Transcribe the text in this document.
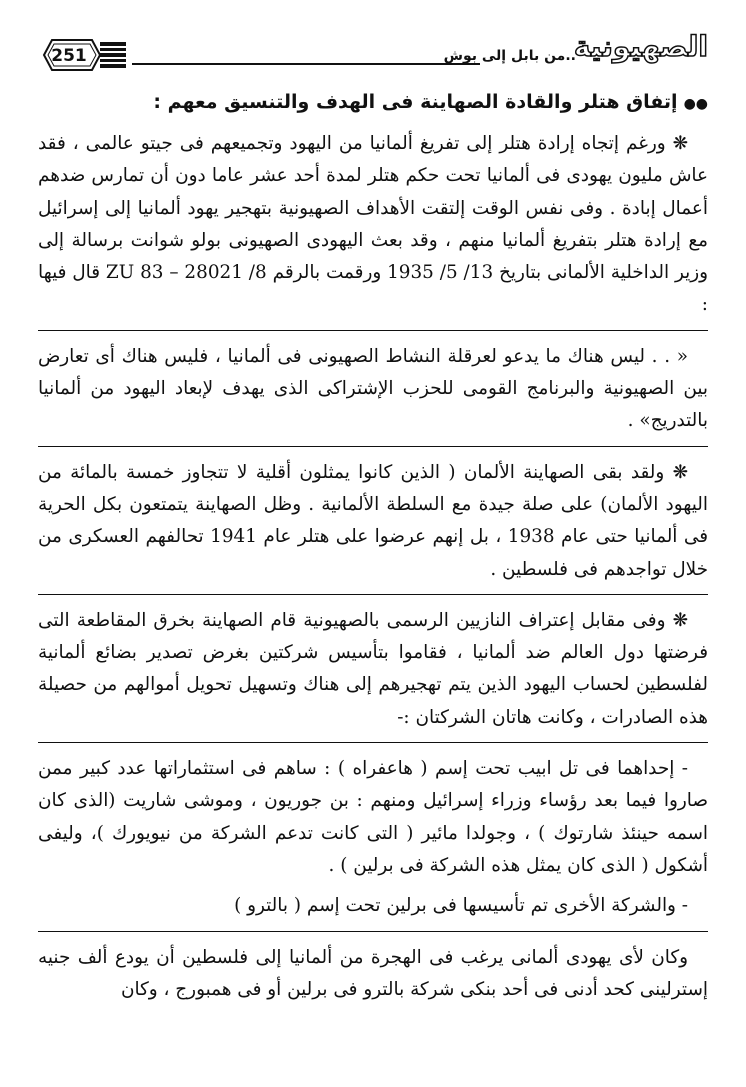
251	..من بابل إلى بوش
الصهيونية
●●إتفاق هتلر والقادة الصهاينة فى الهدف والتنسيق معهم :

❋ ورغم إتجاه إرادة هتلر إلى تفريغ ألمانيا من اليهود وتجميعهم فى جيتو عالمى ، فقد عاش مليون يهودى فى ألمانيا تحت حكم هتلر لمدة أحد عشر عاما دون أن تمارس ضدهم أعمال إبادة . وفى نفس الوقت إلتقت الأهداف الصهيونية بتهجير يهود ألمانيا إلى إسرائيل مع إرادة هتلر بتفريغ ألمانيا منهم ، وقد بعث اليهودى الصهيونى بولو شوانت برسالة إلى وزير الداخلية الألمانى بتاريخ 13/ 5/ 1935 ورقمت بالرقم 8/ 28021 – 83 ZU قال فيها :

« . . ليس هناك ما يدعو لعرقلة النشاط الصهيونى فى ألمانيا ، فليس هناك أى تعارض بين الصهيونية والبرنامج القومى للحزب الإشتراكى الذى يهدف لإبعاد اليهود من ألمانيا بالتدريج» .

❋ ولقد بقى الصهاينة الألمان ( الذين كانوا يمثلون أقلية لا تتجاوز خمسة بالمائة من اليهود الألمان) على صلة جيدة مع السلطة الألمانية . وظل الصهاينة يتمتعون بكل الحرية فى ألمانيا حتى عام 1938 ، بل إنهم عرضوا على هتلر عام 1941 تحالفهم العسكرى من خلال تواجدهم فى فلسطين .

❋ وفى مقابل إعتراف النازيين الرسمى بالصهيونية قام الصهاينة بخرق المقاطعة التى فرضتها دول العالم ضد ألمانيا ، فقاموا بتأسيس شركتين بغرض تصدير بضائع ألمانية لفلسطين لحساب اليهود الذين يتم تهجيرهم إلى هناك وتسهيل تحويل أموالهم من حصيلة هذه الصادرات ، وكانت هاتان الشركتان :-

- إحداهما فى تل ابيب تحت إسم ( هاعفراه ) : ساهم فى استثماراتها عدد كبير ممن صاروا فيما بعد رؤساء وزراء إسرائيل ومنهم : بن جوريون ، وموشى شاريت (الذى كان اسمه حينئذ شارتوك ) ، وجولدا مائير ( التى كانت تدعم الشركة من نيويورك )، وليفى أشكول ( الذى كان يمثل هذه الشركة فى برلين ) .

- والشركة الأخرى تم تأسيسها فى برلين تحت إسم ( بالترو )

وكان لأى يهودى ألمانى يرغب فى الهجرة من ألمانيا إلى فلسطين أن يودع ألف جنيه إسترلينى كحد أدنى فى أحد بنكى شركة بالترو فى برلين أو فى همبورج ، وكان
